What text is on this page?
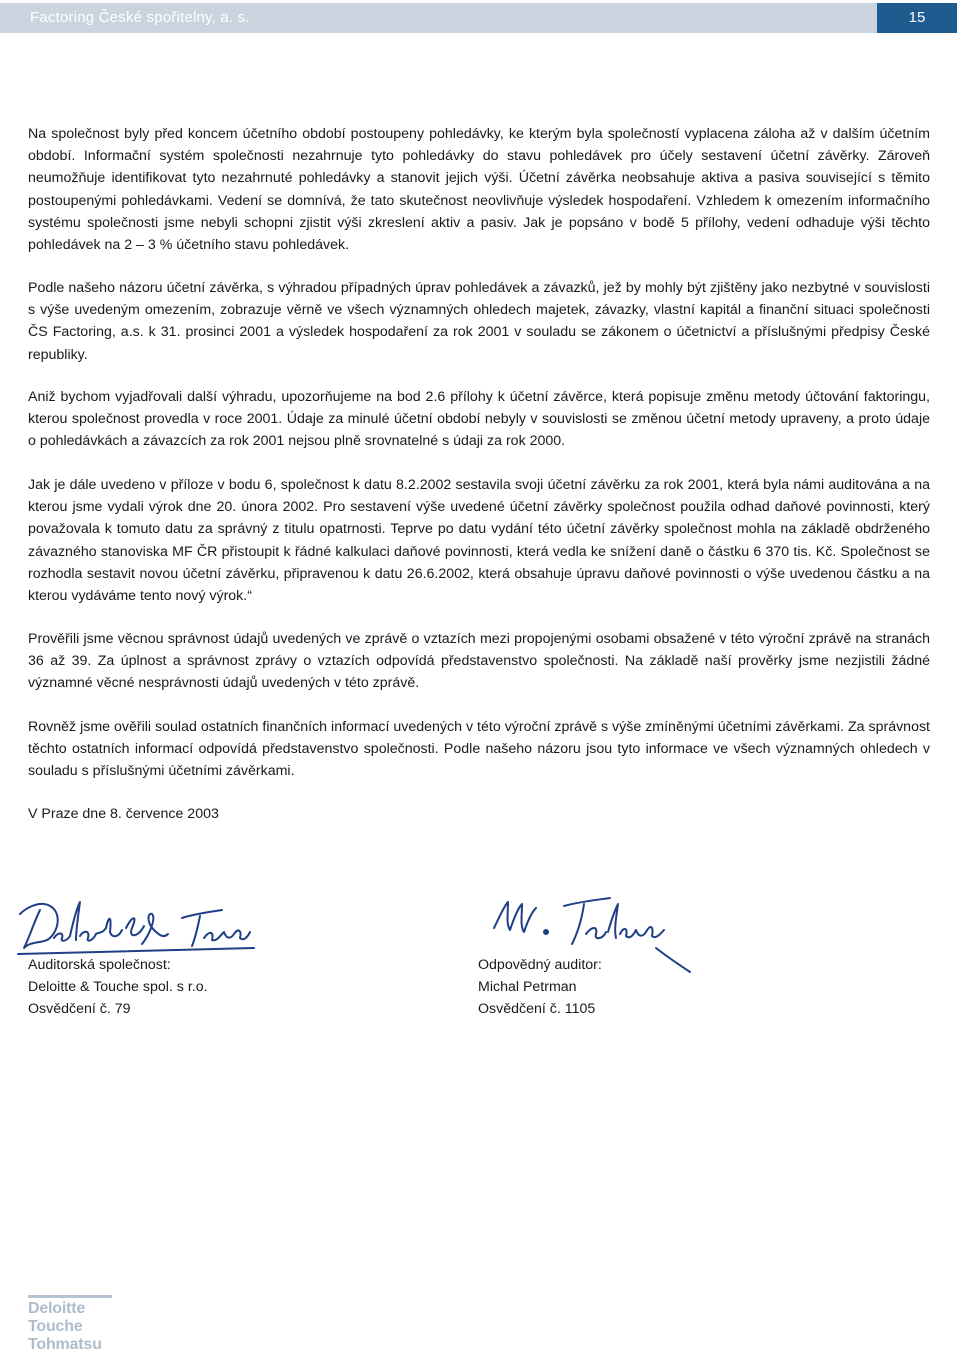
Factoring České spořitelny, a. s.	15

Na společnost byly před koncem účetního období postoupeny pohledávky, ke kterým byla společností vyplacena záloha až v dalším účetním období. Informační systém společnosti nezahrnuje tyto pohledávky do stavu pohledávek pro účely sestavení účetní závěrky. Zároveň neumožňuje identifikovat tyto nezahrnuté pohledávky a stanovit jejich výši. Účetní závěrka neobsahuje aktiva a pasiva související s těmito postoupenými pohledávkami. Vedení se domnívá, že tato skutečnost neovlivňuje výsledek hospodaření. Vzhledem k omezením informačního systému společnosti jsme nebyli schopni zjistit výši zkreslení aktiv a pasiv. Jak je popsáno v bodě 5 přílohy, vedení odhaduje výši těchto pohledávek na 2 – 3 % účetního stavu pohledávek.

Podle našeho názoru účetní závěrka, s výhradou případných úprav pohledávek a závazků, jež by mohly být zjištěny jako nezbytné v souvislosti s výše uvedeným omezením, zobrazuje věrně ve všech významných ohledech majetek, závazky, vlastní kapitál a finanční situaci společnosti ČS Factoring, a.s. k 31. prosinci 2001 a výsledek hospodaření za rok 2001 v souladu se zákonem o účetnictví a příslušnými předpisy České republiky.

Aniž bychom vyjadřovali další výhradu, upozorňujeme na bod 2.6 přílohy k účetní závěrce, která popisuje změnu metody účtování faktoringu, kterou společnost provedla v roce 2001. Údaje za minulé účetní období nebyly v souvislosti se změnou účetní metody upraveny, a proto údaje o pohledávkách a závazcích za rok 2001 nejsou plně srovnatelné s údaji za rok 2000.

Jak je dále uvedeno v příloze v bodu 6, společnost k datu 8.2.2002 sestavila svoji účetní závěrku za rok 2001, která byla námi auditována a na kterou jsme vydali výrok dne 20. února 2002. Pro sestavení výše uvedené účetní závěrky společnost použila odhad daňové povinnosti, který považovala k tomuto datu za správný z titulu opatrnosti. Teprve po datu vydání této účetní závěrky společnost mohla na základě obdrženého závazného stanoviska MF ČR přistoupit k řádné kalkulaci daňové povinnosti, která vedla ke snížení daně o částku 6 370 tis. Kč. Společnost se rozhodla sestavit novou účetní závěrku, připravenou k datu 26.6.2002, která obsahuje úpravu daňové povinnosti o výše uvedenou částku a na kterou vydáváme tento nový výrok.“

Prověřili jsme věcnou správnost údajů uvedených ve zprávě o vztazích mezi propojenými osobami obsažené v této výroční zprávě na stranách 36 až 39. Za úplnost a správnost zprávy o vztazích odpovídá představenstvo společnosti. Na základě naší prověrky jsme nezjistili žádné významné věcné nesprávnosti údajů uvedených v této zprávě.

Rovněž jsme ověřili soulad ostatních finančních informací uvedených v této výroční zprávě s výše zmíněnými účetními závěrkami. Za správnost těchto ostatních informací odpovídá představenstvo společnosti. Podle našeho názoru jsou tyto informace ve všech významných ohledech v souladu s příslušnými účetními závěrkami.

V Praze dne 8. července 2003
Auditorská společnost:
Deloitte & Touche spol. s r.o.
Osvědčení č. 79
Odpovědný auditor:
Michal Petrman
Osvědčení č. 1105
Deloitte
Touche
Tohmatsu
